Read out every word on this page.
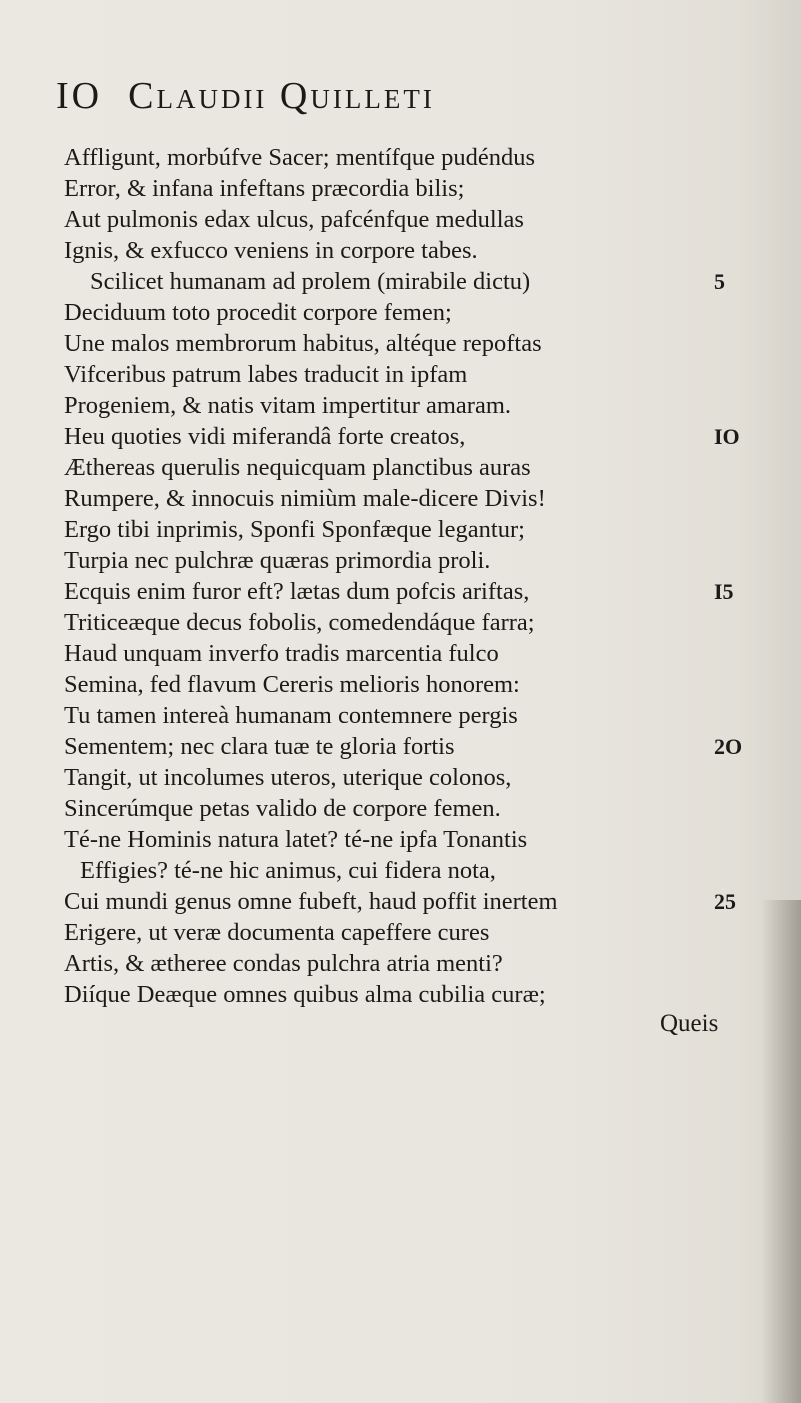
IO Claudii Quilleti
Affligunt, morbúfve Sacer; mentífque pudéndus
Error, & infana infeftans præcordia bilis;
Aut pulmonis edax ulcus, pafcénfque medullas
Ignis, & exfucco veniens in corpore tabes.
Scilicet humanam ad prolem (mirabile dictu)
Deciduum toto procedit corpore femen;
Une malos membrorum habitus, altéque repoftas
Vifceribus patrum labes traducit in ipfam
Progeniem, & natis vitam impertitur amaram.
Heu quoties vidi miferandâ forte creatos,
Æthereas querulis nequicquam planctibus auras
Rumpere, & innocuis nimiùm male-dicere Divis!
Ergo tibi inprimis, Sponfi Sponfæque legantur;
Turpia nec pulchræ quæras primordia proli.
Ecquis enim furor eft? lætas dum pofcis ariftas,
Triticeæque decus fobolis, comedendáque farra;
Haud unquam inverfo tradis marcentia fulco
Semina, fed flavum Cereris melioris honorem:
Tu tamen intereà humanam contemnere pergis
Sementem; nec clara tuæ te gloria fortis
Tangit, ut incolumes uteros, uterique colonos,
Sincerúmque petas valido de corpore femen.
Té-ne Hominis natura latet? té-ne ipfa Tonantis
Effigies? té-ne hic animus, cui fidera nota,
Cui mundi genus omne fubeft, haud poffit inertem
Erigere, ut veræ documenta capeffere cures
Artis, & ætheree condas pulchra atria menti?
Diíque Deæque omnes quibus alma cubilia curæ;
5
IO
I5
2O
25
Queis
